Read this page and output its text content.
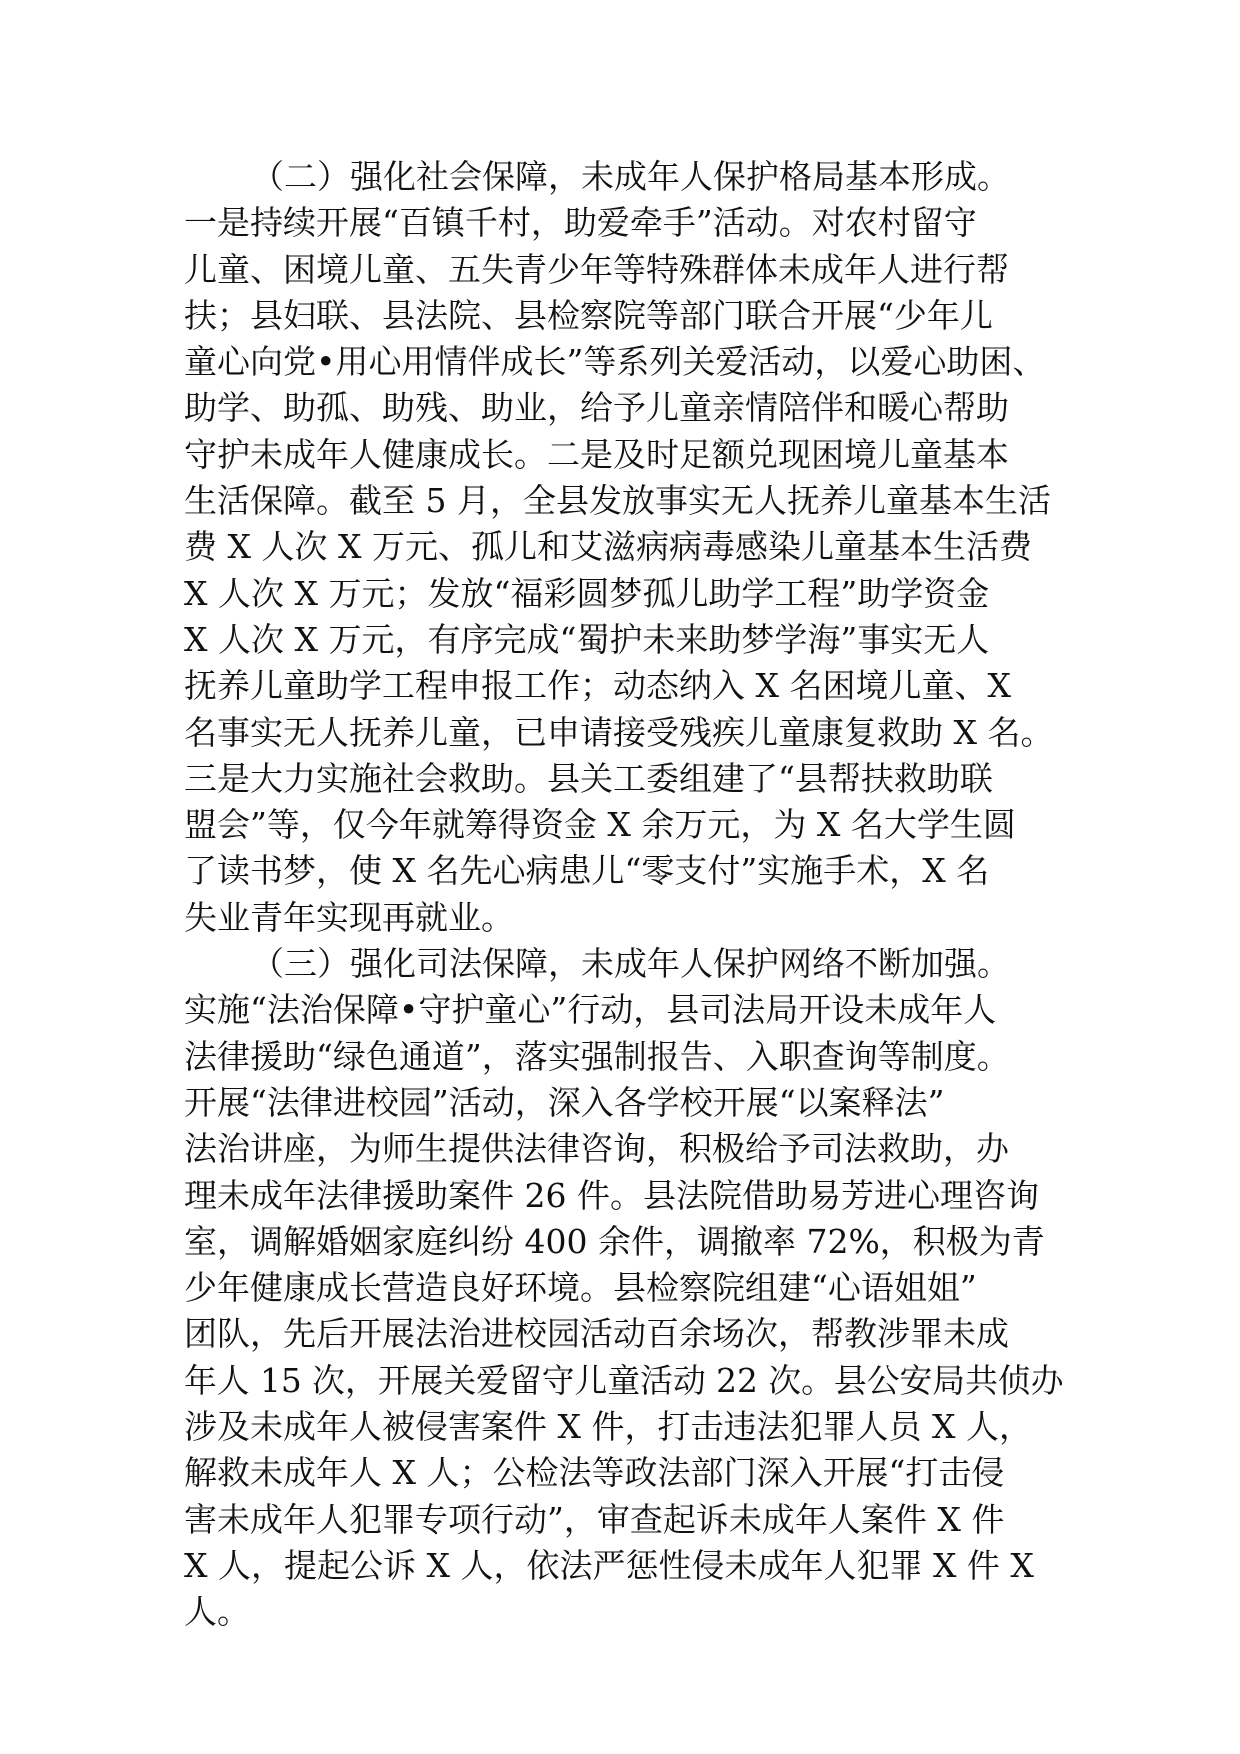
（二）强化社会保障，未成年人保护格局基本形成。
一是持续开展“百镇千村，助爱牵手”活动。对农村留守
儿童、困境儿童、五失青少年等特殊群体未成年人进行帮
扶；县妇联、县法院、县检察院等部门联合开展“少年儿
童心向党•用心用情伴成长”等系列关爱活动，以爱心助困、
助学、助孤、助残、助业，给予儿童亲情陪伴和暖心帮助
守护未成年人健康成长。二是及时足额兑现困境儿童基本
生活保障。截至 5 月，全县发放事实无人抚养儿童基本生活
费 X 人次 X 万元、孤儿和艾滋病病毒感染儿童基本生活费
X 人次 X 万元；发放“福彩圆梦孤儿助学工程”助学资金
X 人次 X 万元，有序完成“蜀护未来助梦学海”事实无人
抚养儿童助学工程申报工作；动态纳入 X 名困境儿童、X
名事实无人抚养儿童，已申请接受残疾儿童康复救助 X 名。
三是大力实施社会救助。县关工委组建了“县帮扶救助联
盟会”等，仅今年就筹得资金 X 余万元，为 X 名大学生圆
了读书梦，使 X 名先心病患儿“零支付”实施手术，X 名
失业青年实现再就业。
（三）强化司法保障，未成年人保护网络不断加强。
实施“法治保障•守护童心”行动，县司法局开设未成年人
法律援助“绿色通道”，落实强制报告、入职查询等制度。
开展“法律进校园”活动，深入各学校开展“以案释法”
法治讲座，为师生提供法律咨询，积极给予司法救助，办
理未成年法律援助案件 26 件。县法院借助易芳进心理咨询
室，调解婚姻家庭纠纷 400 余件，调撤率 72%，积极为青
少年健康成长营造良好环境。县检察院组建“心语姐姐”
团队，先后开展法治进校园活动百余场次，帮教涉罪未成
年人 15 次，开展关爱留守儿童活动 22 次。县公安局共侦办
涉及未成年人被侵害案件 X 件，打击违法犯罪人员 X 人，
解救未成年人 X 人；公检法等政法部门深入开展“打击侵
害未成年人犯罪专项行动”，审查起诉未成年人案件 X 件
X 人，提起公诉 X 人，依法严惩性侵未成年人犯罪 X 件 X
人。
